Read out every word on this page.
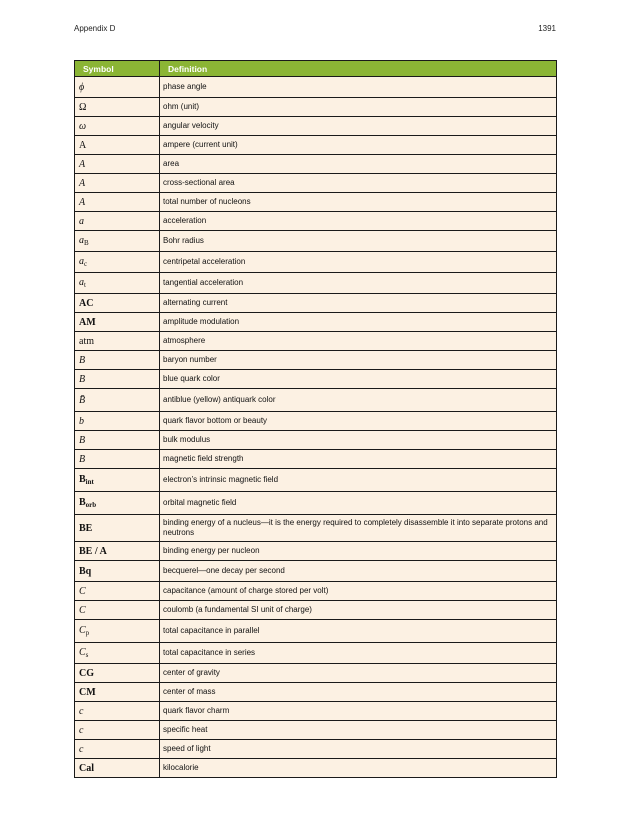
Appendix D	1391
Symbol	Definition
ϕ	phase angle
Ω	ohm (unit)
ω	angular velocity
A	ampere (current unit)
A	area
A	cross-sectional area
A	total number of nucleons
a	acceleration
$a_B$	Bohr radius
$a_c$	centripetal acceleration
$a_t$	tangential acceleration
AC	alternating current
AM	amplitude modulation
atm	atmosphere
B	baryon number
B	blue quark color
B̄	antiblue (yellow) antiquark color
b	quark flavor bottom or beauty
B	bulk modulus
B	magnetic field strength
$B_{int}$	electron’s intrinsic magnetic field
$B_{orb}$	orbital magnetic field
BE	binding energy of a nucleus—it is the energy required to completely disassemble it into separate protons and neutrons
BE / A	binding energy per nucleon
Bq	becquerel—one decay per second
C	capacitance (amount of charge stored per volt)
C	coulomb (a fundamental SI unit of charge)
$C_p$	total capacitance in parallel
$C_s$	total capacitance in series
CG	center of gravity
CM	center of mass
c	quark flavor charm
c	specific heat
c	speed of light
Cal	kilocalorie
